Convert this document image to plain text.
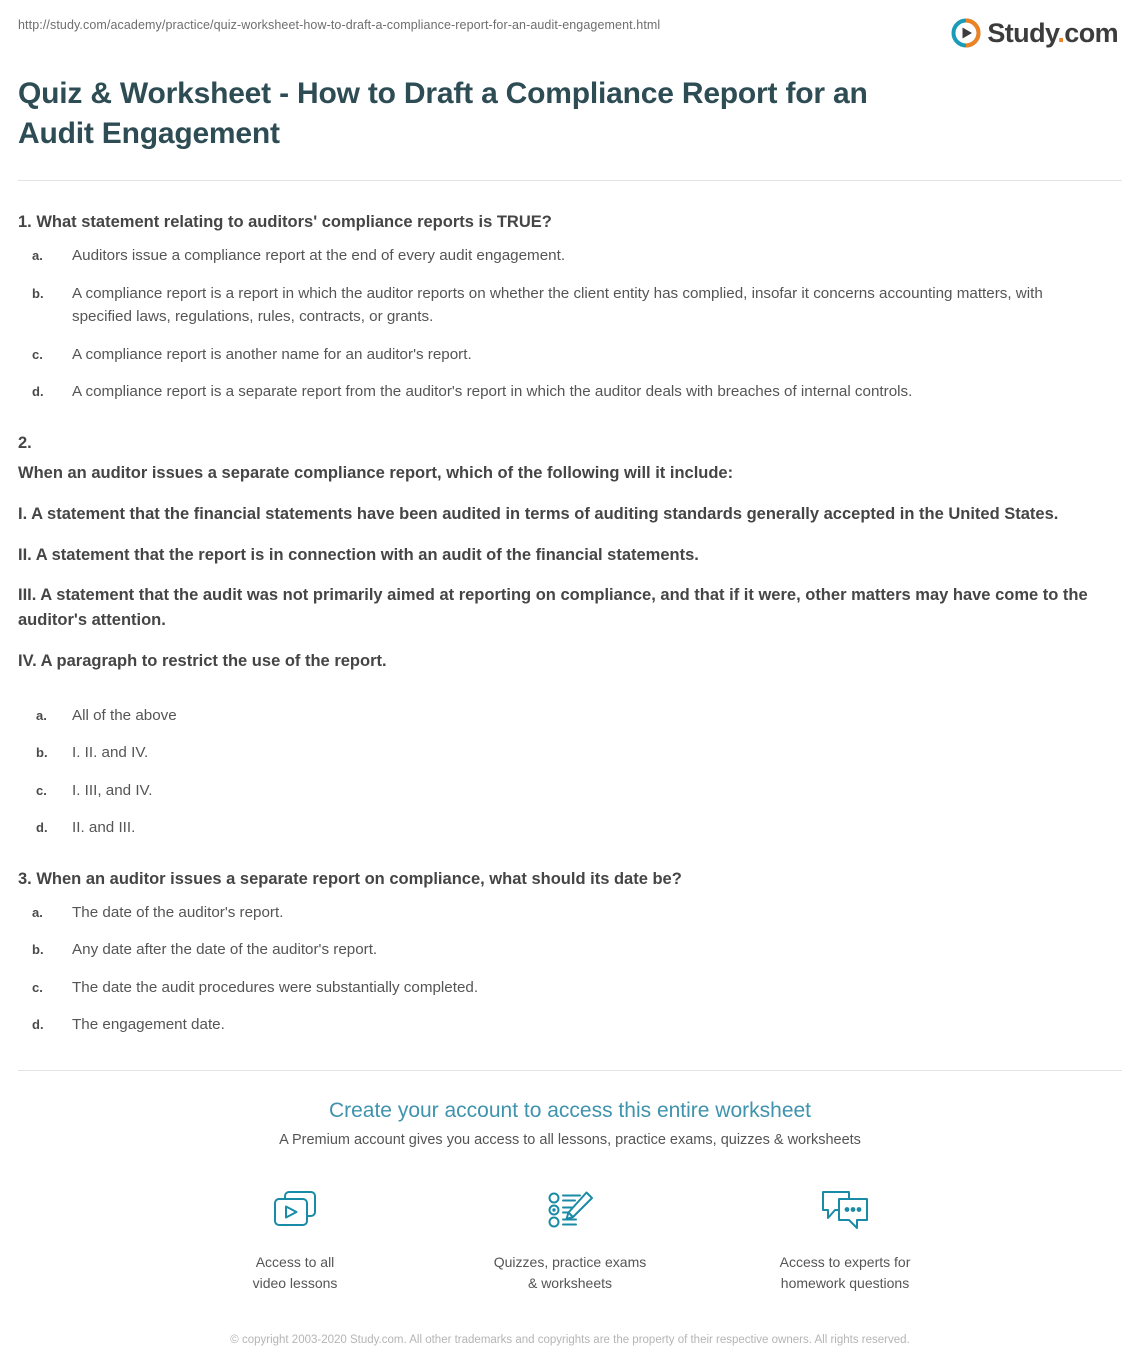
http://study.com/academy/practice/quiz-worksheet-how-to-draft-a-compliance-report-for-an-audit-engagement.html	Study.com
Quiz & Worksheet - How to Draft a Compliance Report for an Audit Engagement

1. What statement relating to auditors' compliance reports is TRUE?

a.	Auditors issue a compliance report at the end of every audit engagement.
b.	A compliance report is a report in which the auditor reports on whether the client entity has complied, insofar it concerns accounting matters, with specified laws, regulations, rules, contracts, or grants.
c.	A compliance report is another name for an auditor's report.
d.	A compliance report is a separate report from the auditor's report in which the auditor deals with breaches of internal controls.

2.

When an auditor issues a separate compliance report, which of the following will it include:

I. A statement that the financial statements have been audited in terms of auditing standards generally accepted in the United States.

II. A statement that the report is in connection with an audit of the financial statements.

III. A statement that the audit was not primarily aimed at reporting on compliance, and that if it were, other matters may have come to the auditor's attention.

IV. A paragraph to restrict the use of the report.

a.	All of the above
b.	I. II. and IV.
c.	I. III, and IV.
d.	II. and III.

3. When an auditor issues a separate report on compliance, what should its date be?

a.	The date of the auditor's report.
b.	Any date after the date of the auditor's report.
c.	The date the audit procedures were substantially completed.
d.	The engagement date.
Create your account to access this entire worksheet
A Premium account gives you access to all lessons, practice exams, quizzes & worksheets
Access to all
video lessons
Quizzes, practice exams
& worksheets
Access to experts for
homework questions
© copyright 2003-2020 Study.com. All other trademarks and copyrights are the property of their respective owners. All rights reserved.
